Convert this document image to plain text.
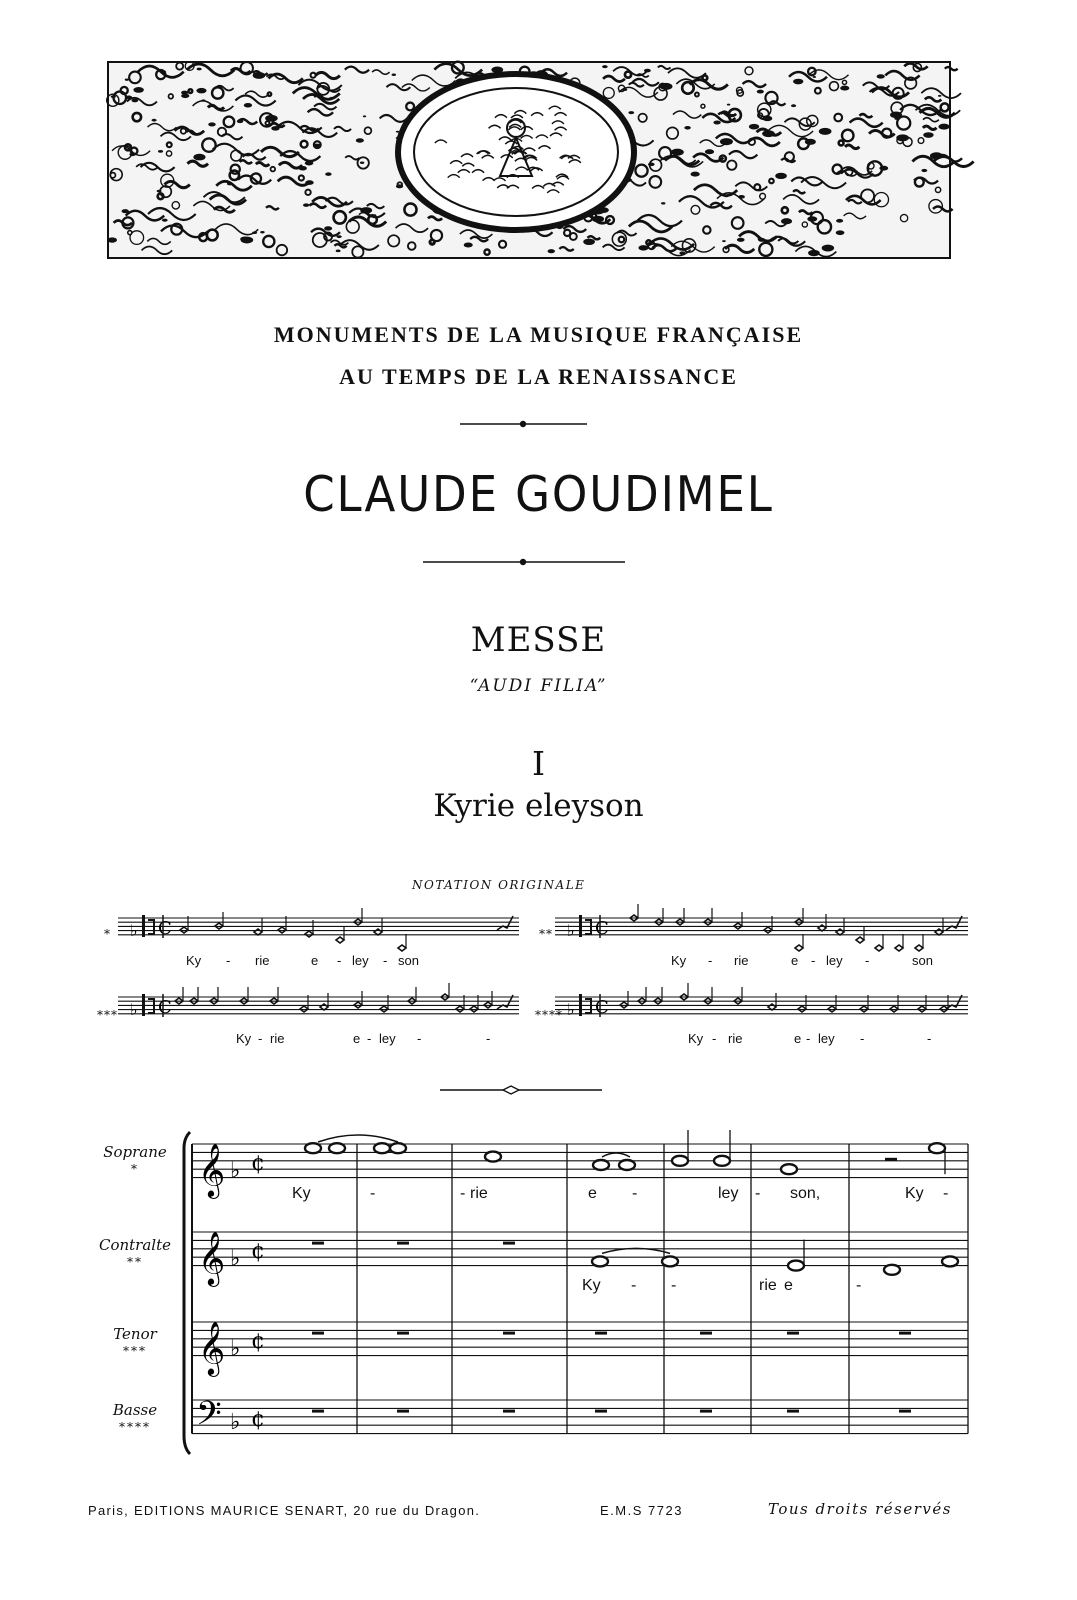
MONUMENTS DE LA MUSIQUE FRANÇAISE
AU TEMPS DE LA RENAISSANCE
CLAUDE GOUDIMEL
MESSE
“AUDI FILIA”
I
Kyrie eleyson
NOTATION ORIGINALE
♭ C	♭ C
♭ C	♭ C
*	**
***	****
Ky - rie	e - ley - son	Ky - rie	e - ley -	son
Ky - rie	e - ley -	-	Ky - rie	e - ley -	-
Soprane
*
Contralte
**
Tenor
***
Basse
****
𝄞 ♭ ¢
𝄞 ♭ ¢
𝄞 ♭ ¢
𝄢 ♭ ¢
Ky	-	- rie	e -	ley - son,	Ky -
Ky - -	rie e	-
Paris, EDITIONS MAURICE SENART, 20 rue du Dragon.	E.M.S 7723	Tous droits réservés
